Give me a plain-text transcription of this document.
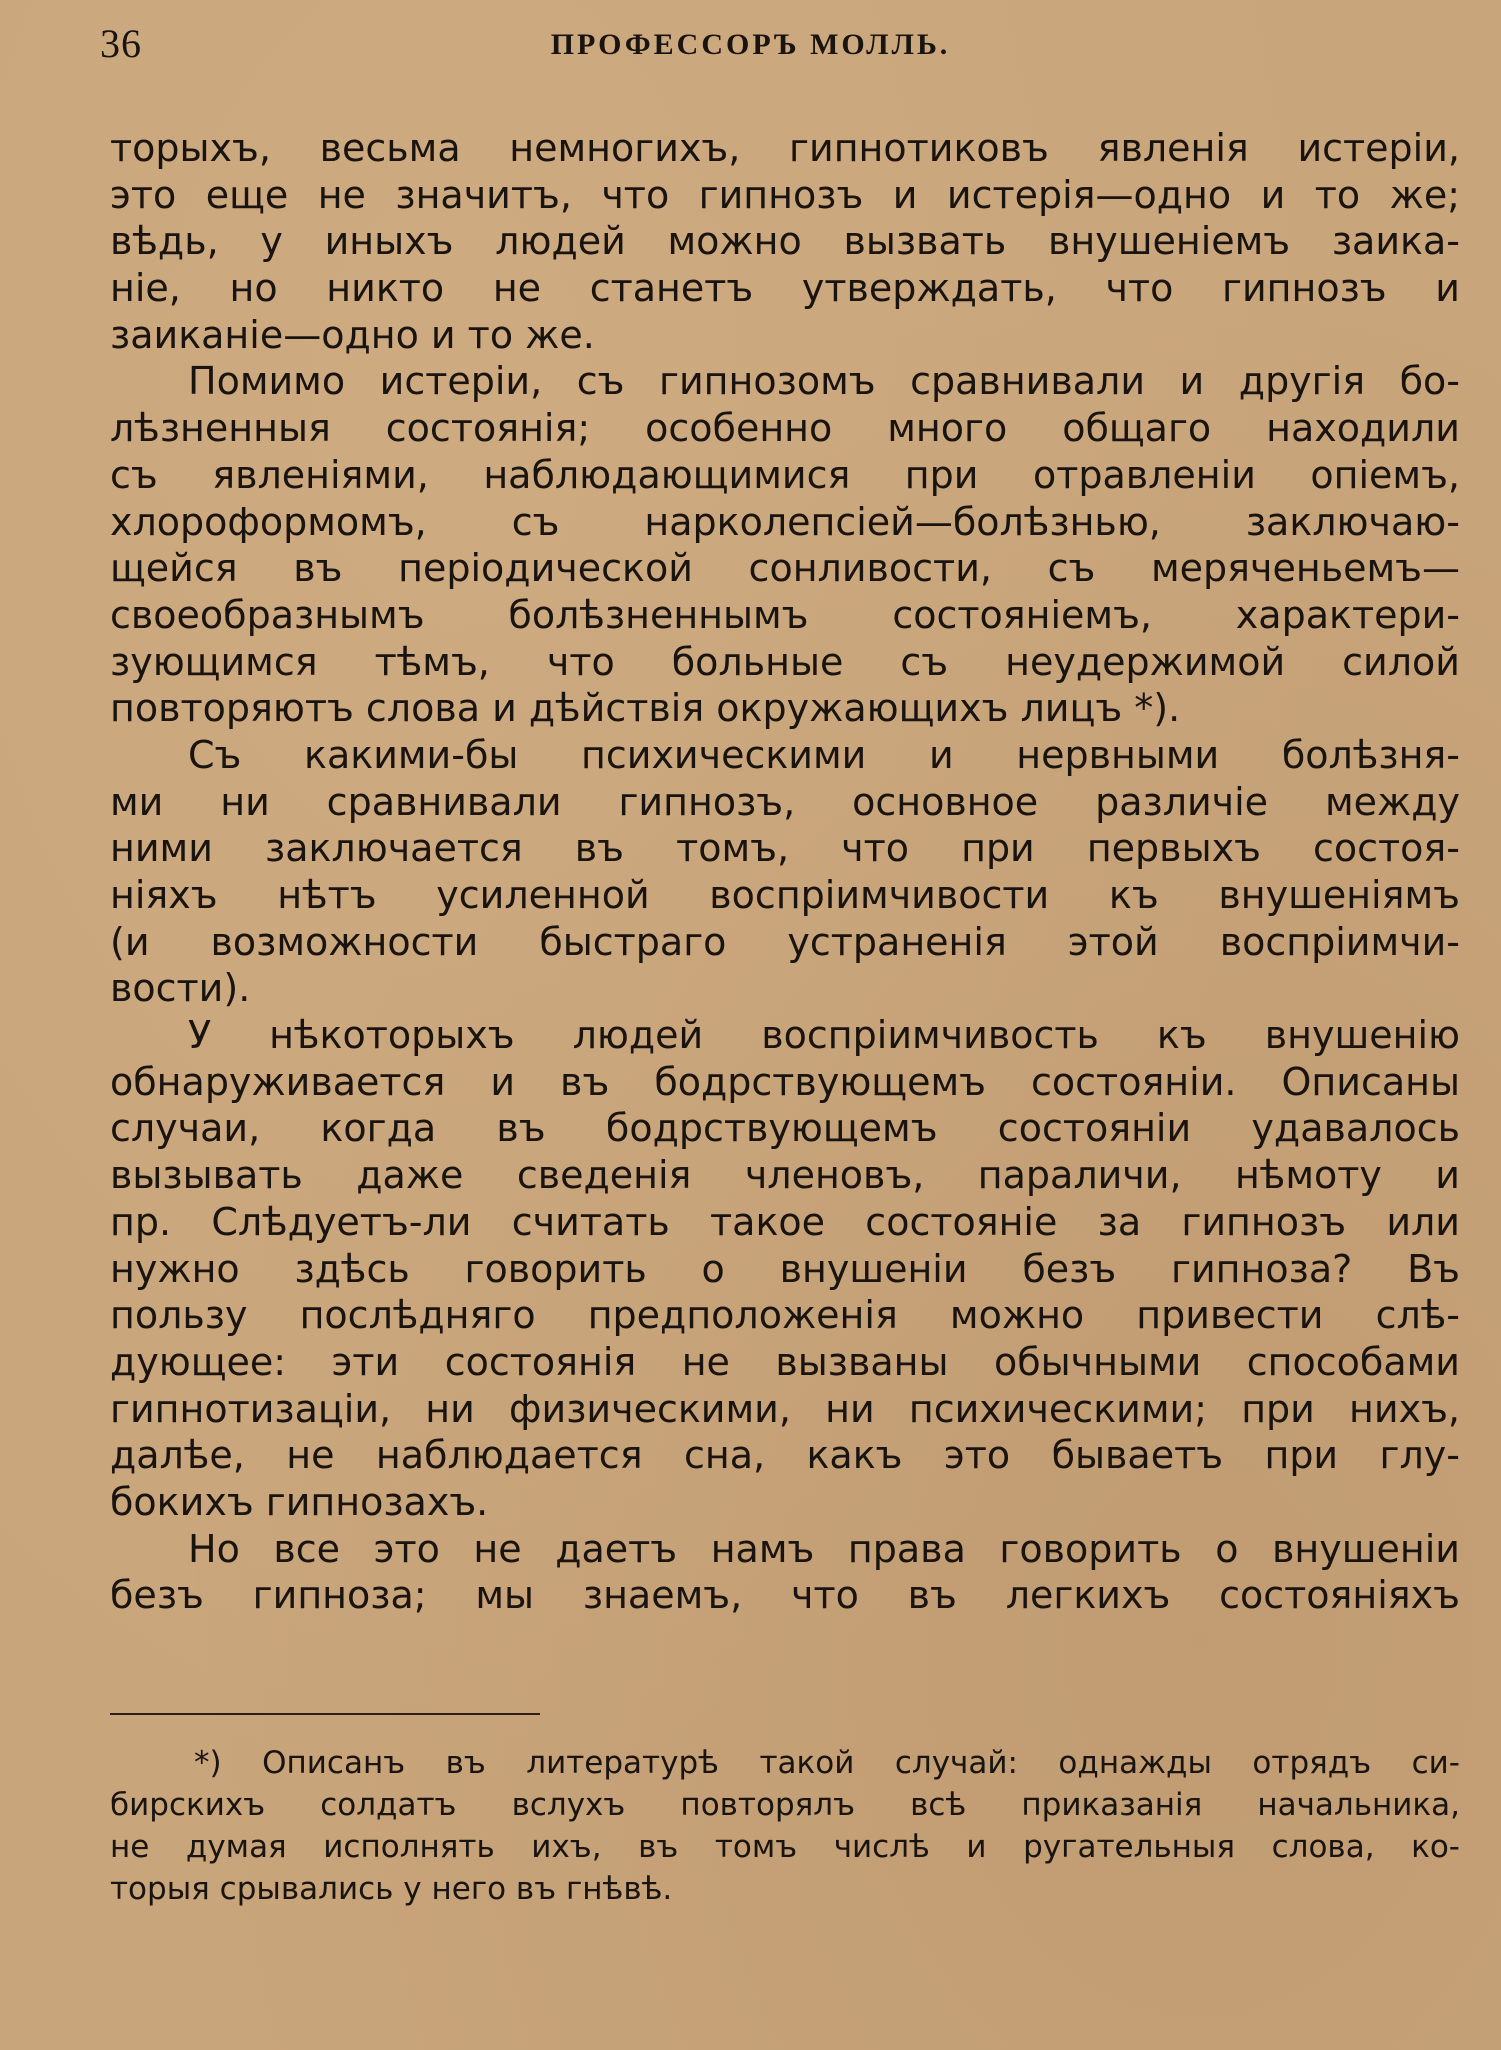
36	ПРОФЕССОРЪ МОЛЛЬ.
торыхъ, весьма немногихъ, гипнотиковъ явленія истеріи,
это еще не значитъ, что гипнозъ и истерія—одно и то же;
вѣдь, у иныхъ людей можно вызвать внушеніемъ заика-
ніе, но никто не станетъ утверждать, что гипнозъ и
заиканіе—одно и то же.
Помимо истеріи, съ гипнозомъ сравнивали и другія бо-
лѣзненныя состоянія; особенно много общаго находили
съ явленіями, наблюдающимися при отравленіи опіемъ,
хлороформомъ, съ нарколепсіей—болѣзнью, заключаю-
щейся въ періодической сонливости, съ меряченьемъ—
своеобразнымъ болѣзненнымъ состояніемъ, характери-
зующимся тѣмъ, что больные съ неудержимой силой
повторяютъ слова и дѣйствія окружающихъ лицъ *).
Съ какими-бы психическими и нервными болѣзня-
ми ни сравнивали гипнозъ, основное различіе между
ними заключается въ томъ, что при первыхъ состоя-
ніяхъ нѣтъ усиленной воспріимчивости къ внушеніямъ
(и возможности быстраго устраненія этой воспріимчи-
вости).
У нѣкоторыхъ людей воспріимчивость къ внушенію
обнаруживается и въ бодрствующемъ состояніи. Описаны
случаи, когда въ бодрствующемъ состояніи удавалось
вызывать даже сведенія членовъ, параличи, нѣмоту и
пр. Слѣдуетъ-ли считать такое состояніе за гипнозъ или
нужно здѣсь говорить о внушеніи безъ гипноза? Въ
пользу послѣдняго предположенія можно привести слѣ-
дующее: эти состоянія не вызваны обычными способами
гипнотизаціи, ни физическими, ни психическими; при нихъ,
далѣе, не наблюдается сна, какъ это бываетъ при глу-
бокихъ гипнозахъ.
Но все это не даетъ намъ права говорить о внушеніи
безъ гипноза; мы знаемъ, что въ легкихъ состояніяхъ
*) Описанъ въ литературѣ такой случай: однажды отрядъ си-
бирскихъ солдатъ вслухъ повторялъ всѣ приказанія начальника,
не думая исполнять ихъ, въ томъ числѣ и ругательныя слова, ко-
торыя срывались у него въ гнѣвѣ.
